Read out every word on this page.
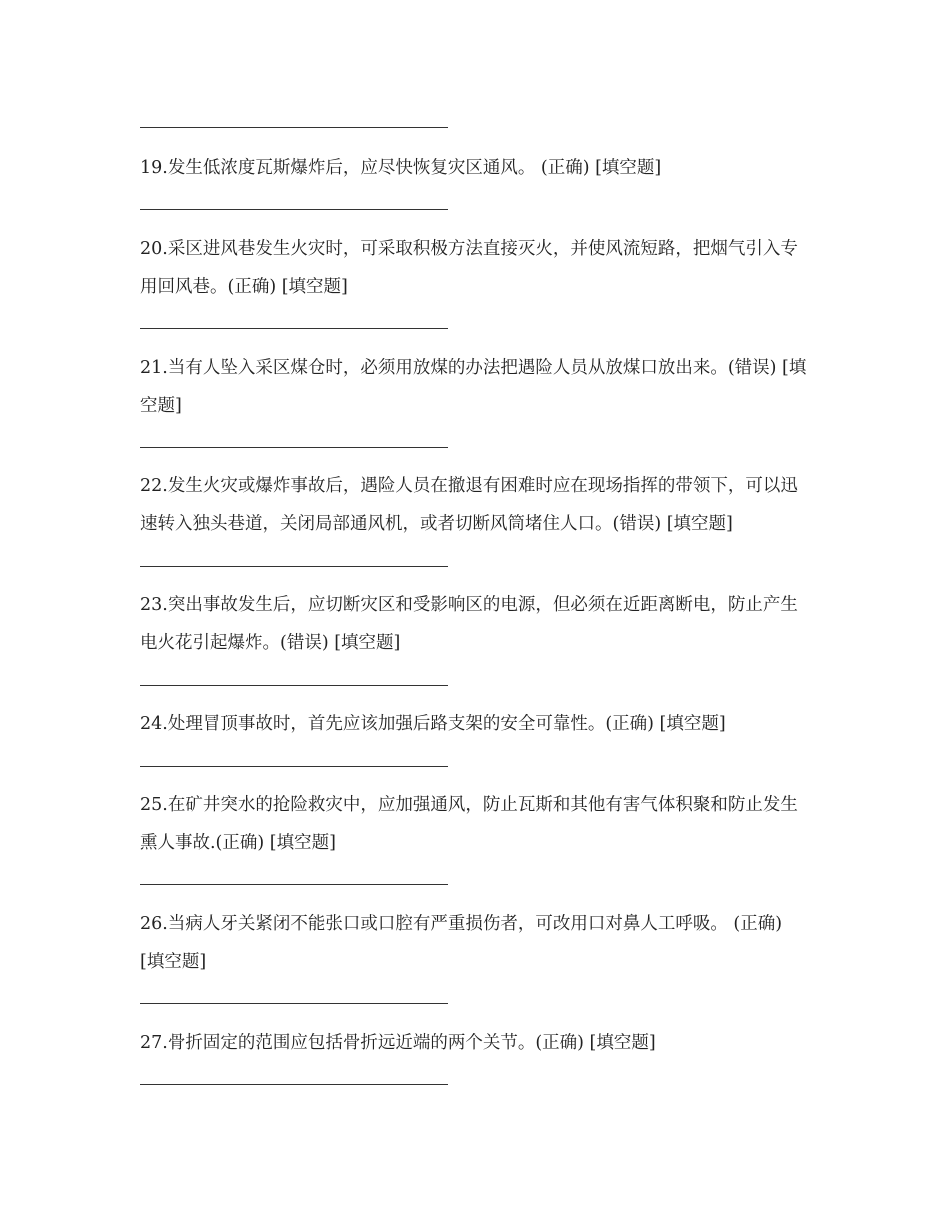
19.发生低浓度瓦斯爆炸后，应尽快恢复灾区通风。 (正确) [填空题]

20.采区进风巷发生火灾时，可采取积极方法直接灭火，并使风流短路，把烟气引入专用回风巷。(正确) [填空题]

21.当有人坠入采区煤仓时，必须用放煤的办法把遇险人员从放煤口放出来。(错误) [填空题]

22.发生火灾或爆炸事故后，遇险人员在撤退有困难时应在现场指挥的带领下，可以迅速转入独头巷道，关闭局部通风机，或者切断风筒堵住人口。(错误) [填空题]

23.突出事故发生后，应切断灾区和受影响区的电源，但必须在近距离断电，防止产生电火花引起爆炸。(错误) [填空题]

24.处理冒顶事故时，首先应该加强后路支架的安全可靠性。(正确) [填空题]

25.在矿井突水的抢险救灾中，应加强通风，防止瓦斯和其他有害气体积聚和防止发生熏人事故.(正确) [填空题]

26.当病人牙关紧闭不能张口或口腔有严重损伤者，可改用口对鼻人工呼吸。 (正确) [填空题]

27.骨折固定的范围应包括骨折远近端的两个关节。(正确) [填空题]
